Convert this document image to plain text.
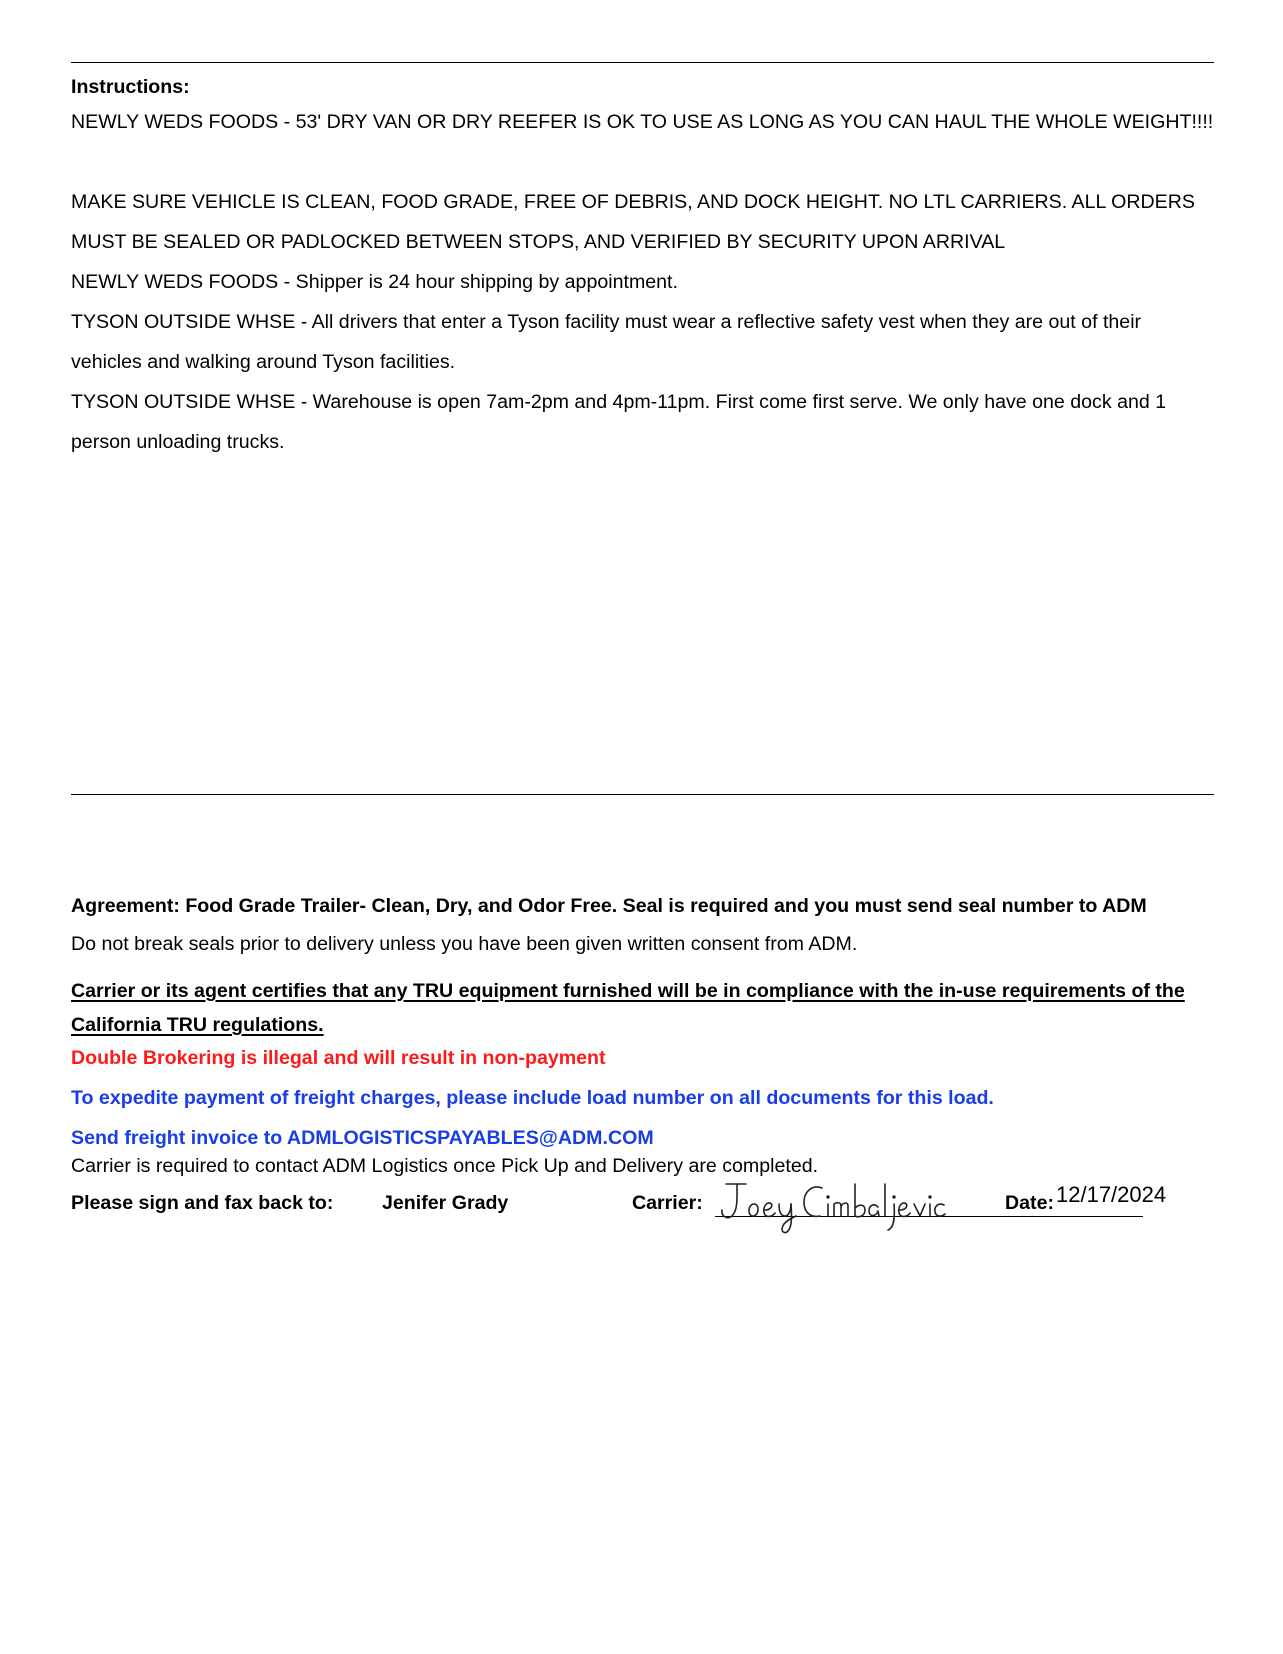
Instructions:
NEWLY WEDS FOODS - 53' DRY VAN OR DRY REEFER IS OK TO USE AS LONG AS YOU CAN HAUL THE WHOLE WEIGHT!!!!
MAKE SURE VEHICLE IS CLEAN, FOOD GRADE, FREE OF DEBRIS, AND DOCK HEIGHT. NO LTL CARRIERS. ALL ORDERS MUST BE SEALED OR PADLOCKED BETWEEN STOPS, AND VERIFIED BY SECURITY UPON ARRIVAL
NEWLY WEDS FOODS - Shipper is 24 hour shipping by appointment.
TYSON OUTSIDE WHSE - All drivers that enter a Tyson facility must wear a reflective safety vest when they are out of their vehicles and walking around Tyson facilities.
TYSON OUTSIDE WHSE - Warehouse is open 7am-2pm and 4pm-11pm. First come first serve. We only have one dock and 1 person unloading trucks.
Agreement: Food Grade Trailer- Clean, Dry, and Odor Free. Seal is required and you must send seal number to ADM
Do not break seals prior to delivery unless you have been given written consent from ADM.
Carrier or its agent certifies that any TRU equipment furnished will be in compliance with the in-use requirements of the California TRU regulations.
Double Brokering is illegal and will result in non-payment
To expedite payment of freight charges, please include load number on all documents for this load.
Send freight invoice to ADMLOGISTICSPAYABLES@ADM.COM
Carrier is required to contact ADM Logistics once Pick Up and Delivery are completed.
Please sign and fax back to: Jenifer Grady	Carrier:	Date: 12/17/2024
